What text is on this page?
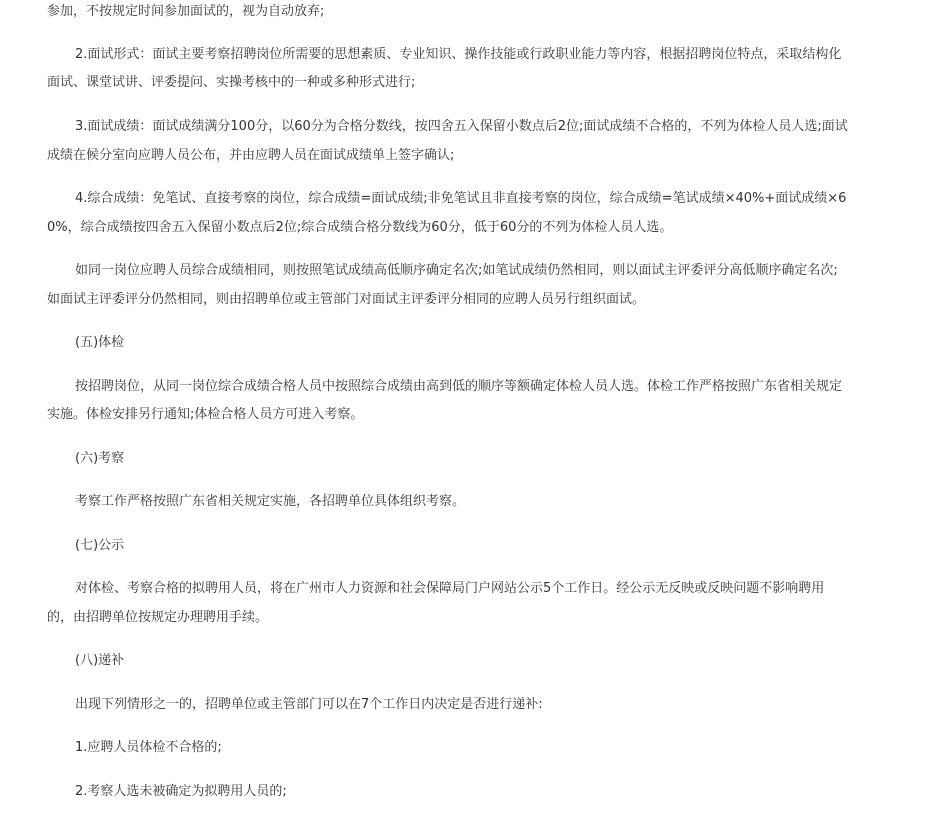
参加，不按规定时间参加面试的，视为自动放弃;
2.面试形式：面试主要考察招聘岗位所需要的思想素质、专业知识、操作技能或行政职业能力等内容，根据招聘岗位特点，采取结构化
面试、课堂试讲、评委提问、实操考核中的一种或多种形式进行;
3.面试成绩：面试成绩满分100分，以60分为合格分数线，按四舍五入保留小数点后2位;面试成绩不合格的，不列为体检人员人选;面试
成绩在候分室向应聘人员公布，并由应聘人员在面试成绩单上签字确认;
4.综合成绩：免笔试、直接考察的岗位，综合成绩=面试成绩;非免笔试且非直接考察的岗位，综合成绩=笔试成绩×40%+面试成绩×6
0%，综合成绩按四舍五入保留小数点后2位;综合成绩合格分数线为60分，低于60分的不列为体检人员人选。
如同一岗位应聘人员综合成绩相同，则按照笔试成绩高低顺序确定名次;如笔试成绩仍然相同，则以面试主评委评分高低顺序确定名次;
如面试主评委评分仍然相同，则由招聘单位或主管部门对面试主评委评分相同的应聘人员另行组织面试。
(五)体检
按招聘岗位，从同一岗位综合成绩合格人员中按照综合成绩由高到低的顺序等额确定体检人员人选。体检工作严格按照广东省相关规定
实施。体检安排另行通知;体检合格人员方可进入考察。
(六)考察
考察工作严格按照广东省相关规定实施，各招聘单位具体组织考察。
(七)公示
对体检、考察合格的拟聘用人员，将在广州市人力资源和社会保障局门户网站公示5个工作日。经公示无反映或反映问题不影响聘用
的，由招聘单位按规定办理聘用手续。
(八)递补
出现下列情形之一的，招聘单位或主管部门可以在7个工作日内决定是否进行递补:
1.应聘人员体检不合格的;
2.考察人选未被确定为拟聘用人员的;
